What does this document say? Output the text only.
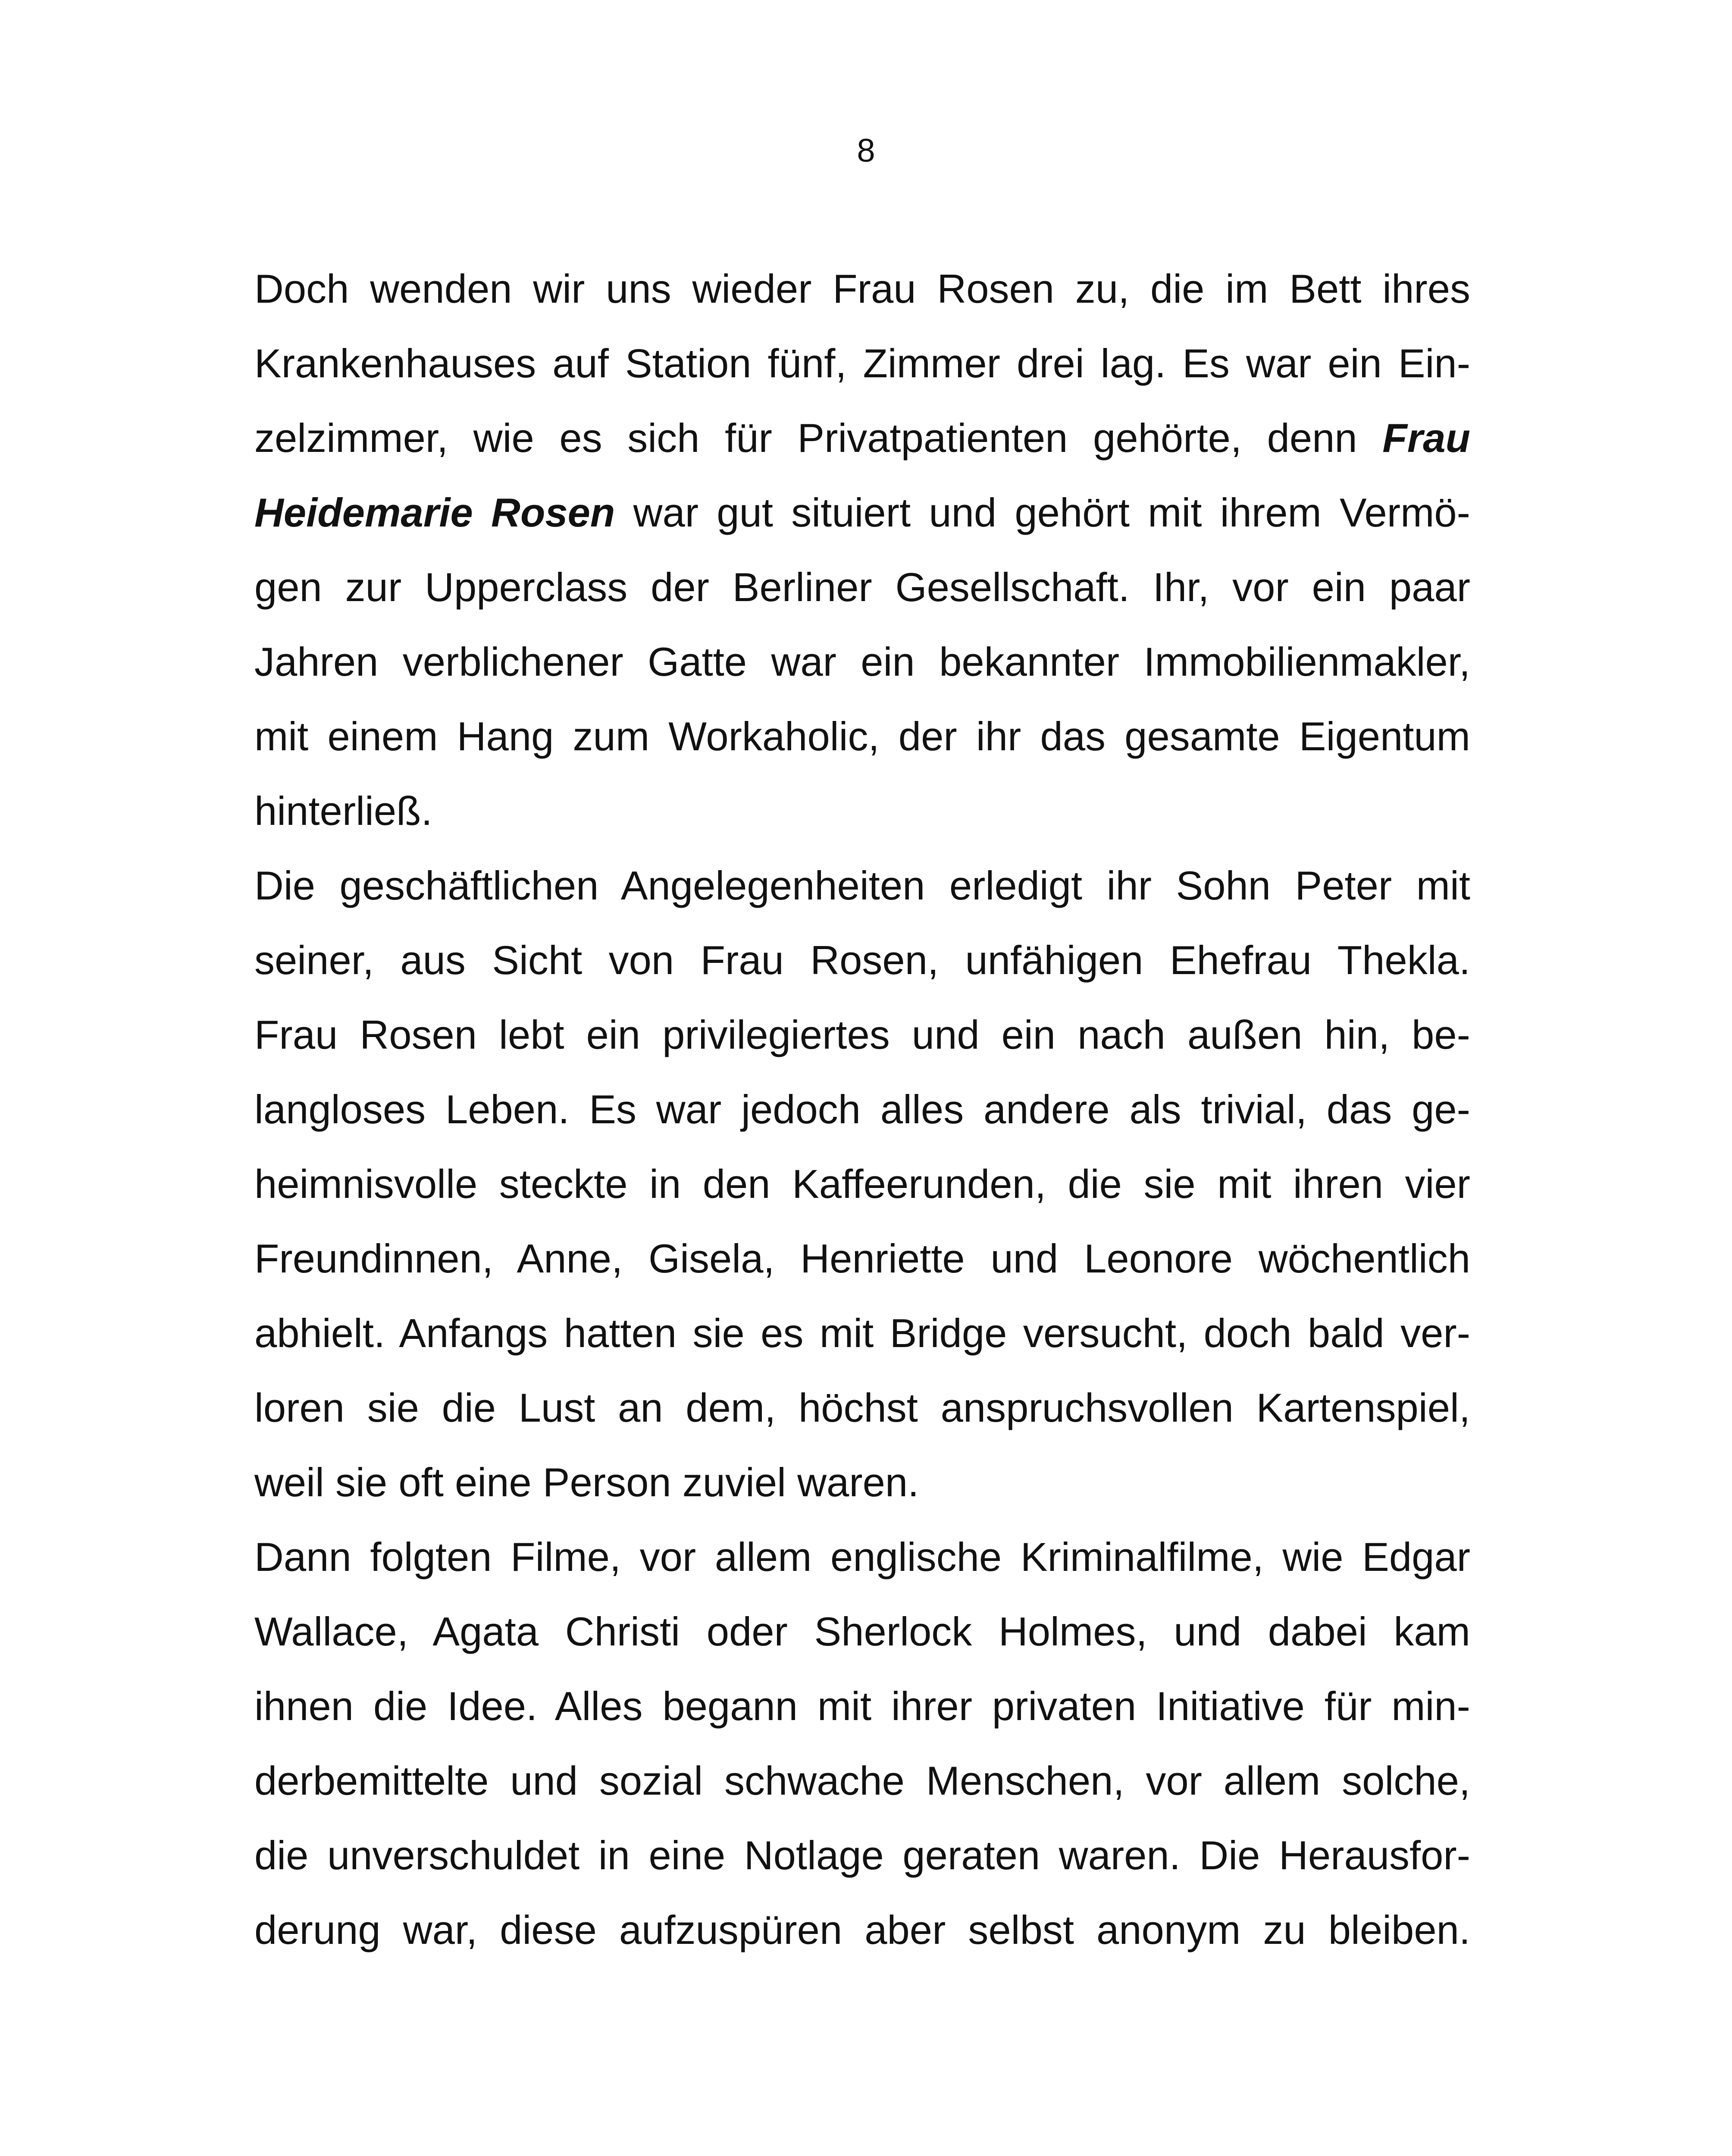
8
Doch wenden wir uns wieder Frau Rosen zu, die im Bett ihres
Krankenhauses auf Station fünf, Zimmer drei lag. Es war ein Ein-
zelzimmer, wie es sich für Privatpatienten gehörte, denn Frau
Heidemarie Rosen war gut situiert und gehört mit ihrem Vermö-
gen zur Upperclass der Berliner Gesellschaft. Ihr, vor ein paar
Jahren verblichener Gatte war ein bekannter Immobilienmakler,
mit einem Hang zum Workaholic, der ihr das gesamte Eigentum
hinterließ.
Die geschäftlichen Angelegenheiten erledigt ihr Sohn Peter mit
seiner, aus Sicht von Frau Rosen, unfähigen Ehefrau Thekla.
Frau Rosen lebt ein privilegiertes und ein nach außen hin, be-
langloses Leben. Es war jedoch alles andere als trivial, das ge-
heimnisvolle steckte in den Kaffeerunden, die sie mit ihren vier
Freundinnen, Anne, Gisela, Henriette und Leonore wöchentlich
abhielt. Anfangs hatten sie es mit Bridge versucht, doch bald ver-
loren sie die Lust an dem, höchst anspruchsvollen Kartenspiel,
weil sie oft eine Person zuviel waren.
Dann folgten Filme, vor allem englische Kriminalfilme, wie Edgar
Wallace, Agata Christi oder Sherlock Holmes, und dabei kam
ihnen die Idee. Alles begann mit ihrer privaten Initiative für min-
derbemittelte und sozial schwache Menschen, vor allem solche,
die unverschuldet in eine Notlage geraten waren. Die Herausfor-
derung war, diese aufzuspüren aber selbst anonym zu bleiben.
